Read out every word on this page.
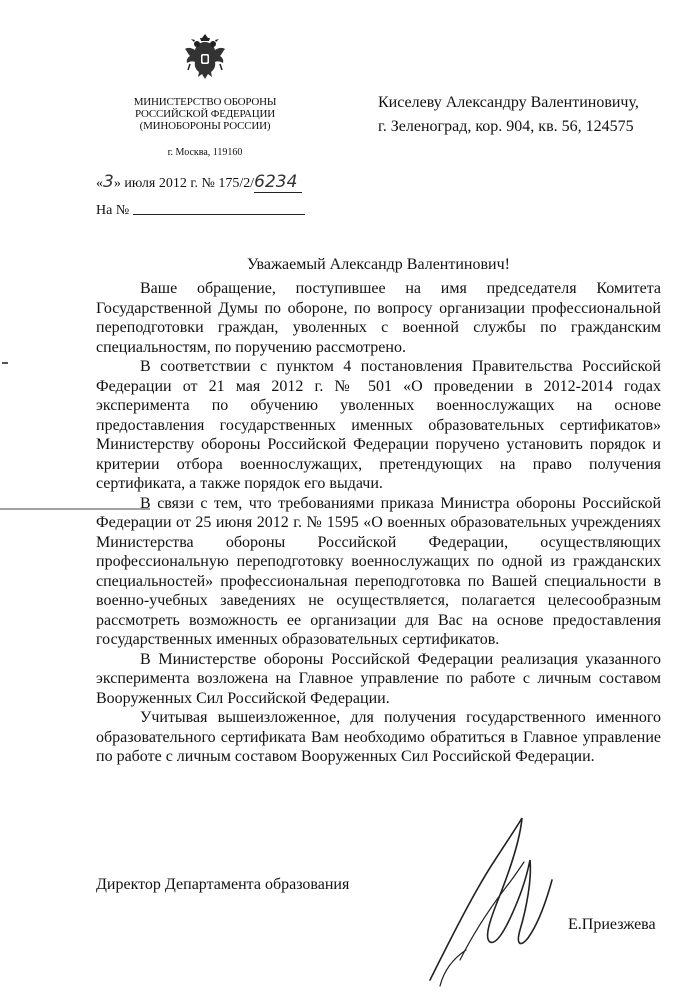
МИНИСТЕРСТВО ОБОРОНЫ
РОССИЙСКОЙ ФЕДЕРАЦИИ
(МИНОБОРОНЫ РОССИИ)
г. Москва, 119160
Киселеву Александру Валентиновичу,
г. Зеленоград, кор. 904, кв. 56, 124575
«3» июля 2012 г. № 175/2/6234
На №
Уважаемый Александр Валентинович!

Ваше обращение, поступившее на имя председателя Комитета Государственной Думы по обороне, по вопросу организации профессиональной переподготовки граждан, уволенных с военной службы по гражданским специальностям, по поручению рассмотрено.

В соответствии с пунктом 4 постановления Правительства Российской Федерации от 21 мая 2012 г. № 501 «О проведении в 2012-2014 годах эксперимента по обучению уволенных военнослужащих на основе предоставления государственных именных образовательных сертификатов» Министерству обороны Российской Федерации поручено установить порядок и критерии отбора военнослужащих, претендующих на право получения сертификата, а также порядок его выдачи.

В связи с тем, что требованиями приказа Министра обороны Российской Федерации от 25 июня 2012 г. № 1595 «О военных образовательных учреждениях Министерства обороны Российской Федерации, осуществляющих профессиональную переподготовку военнослужащих по одной из гражданских специальностей» профессиональная переподготовка по Вашей специальности в военно-учебных заведениях не осуществляется, полагается целесообразным рассмотреть возможность ее организации для Вас на основе предоставления государственных именных образовательных сертификатов.

В Министерстве обороны Российской Федерации реализация указанного эксперимента возложена на Главное управление по работе с личным составом Вооруженных Сил Российской Федерации.

Учитывая вышеизложенное, для получения государственного именного образовательного сертификата Вам необходимо обратиться в Главное управление по работе с личным составом Вооруженных Сил Российской Федерации.

Директор Департамента образования
Е.Приезжева
